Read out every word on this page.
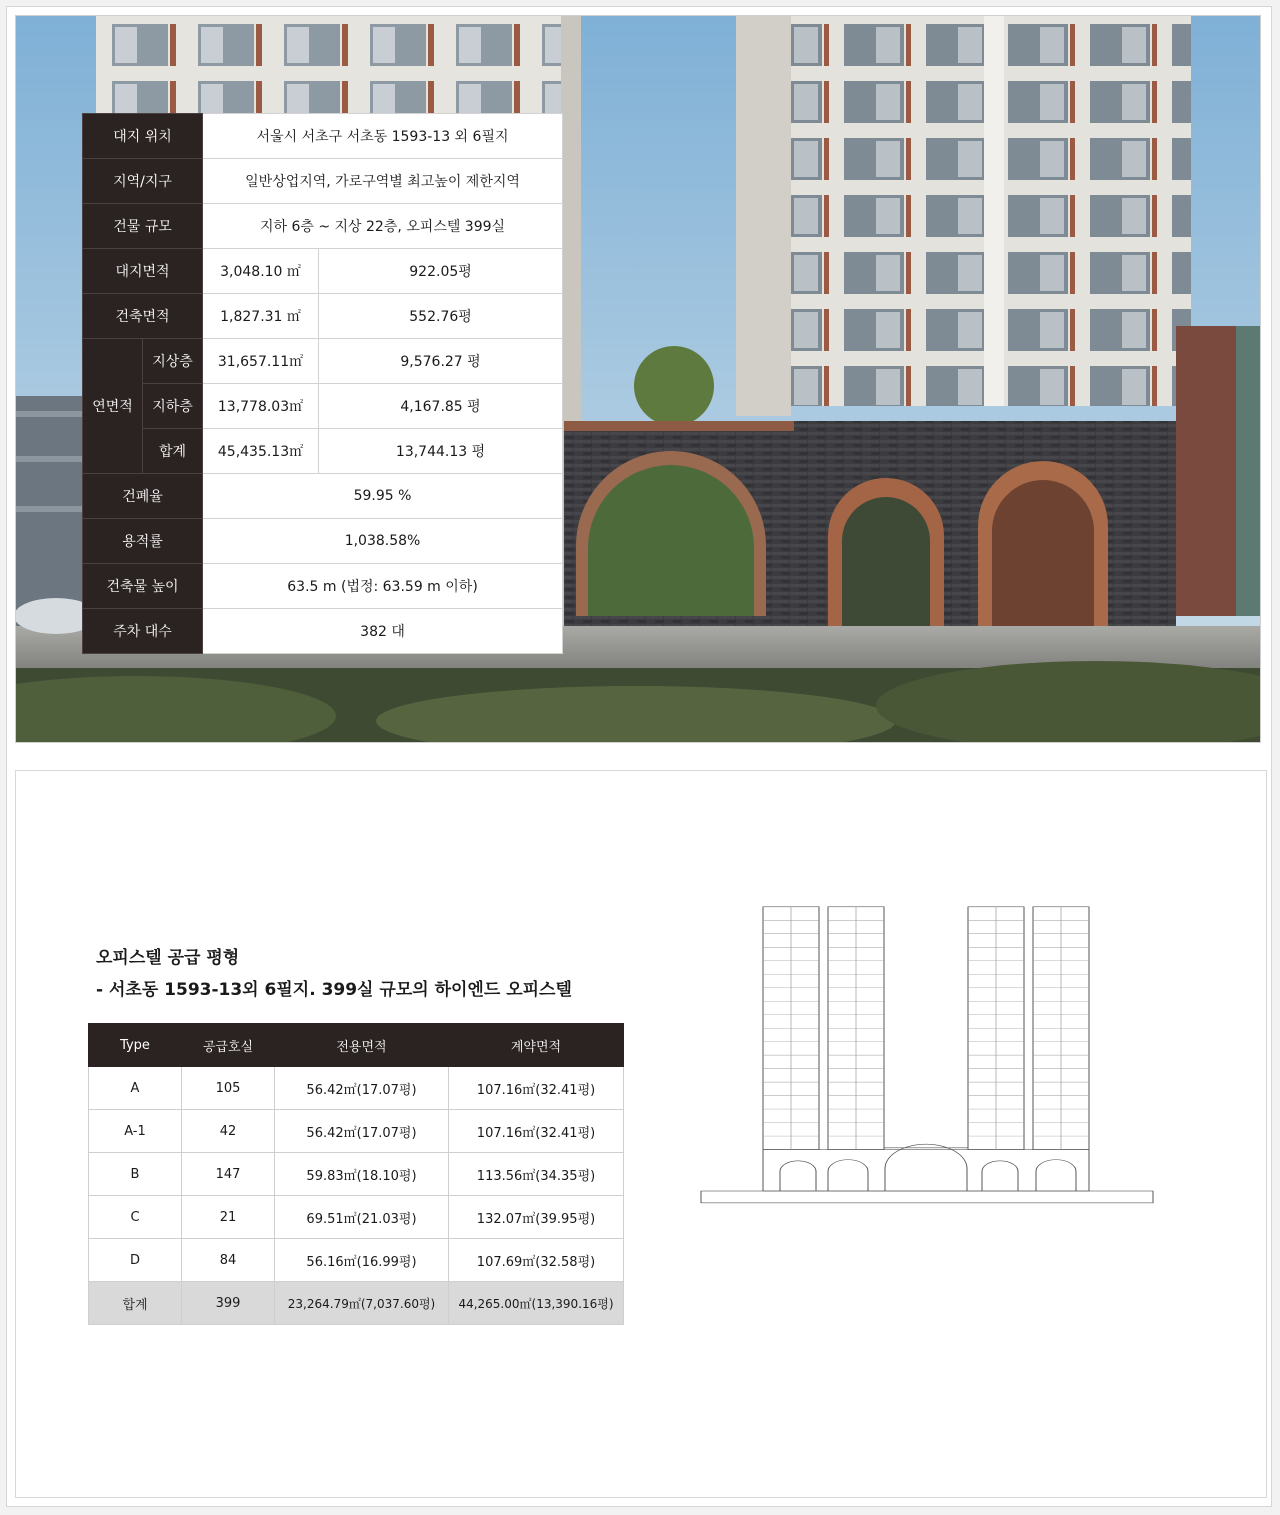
대지 위치		서울시 서초구 서초동 1593-13 외 6필지	
지역/지구		일반상업지역, 가로구역별 최고높이 제한지역	
건물 규모		지하 6층 ~ 지상 22층, 오피스텔 399실	
대지면적		3,048.10 ㎡	922.05평
건축면적		1,827.31 ㎡	552.76평
연면적	지상층	31,657.11㎡	9,576.27 평
	지하층	13,778.03㎡	4,167.85 평
	합계	45,435.13㎡	13,744.13 평
건폐율		59.95 %	
용적률		1,038.58%	
건축물 높이		63.5 m (법정: 63.59 m 이하)	
주차 대수		382 대	
오피스텔 공급 평형
- 서초동 1593-13외 6필지. 399실 규모의 하이엔드 오피스텔
Type	공급호실	전용면적	계약면적
A	105	56.42㎡(17.07평)	107.16㎡(32.41평)
A-1	42	56.42㎡(17.07평)	107.16㎡(32.41평)
B	147	59.83㎡(18.10평)	113.56㎡(34.35평)
C	21	69.51㎡(21.03평)	132.07㎡(39.95평)
D	84	56.16㎡(16.99평)	107.69㎡(32.58평)
합계	399	23,264.79㎡(7,037.60평)	44,265.00㎡(13,390.16평)
